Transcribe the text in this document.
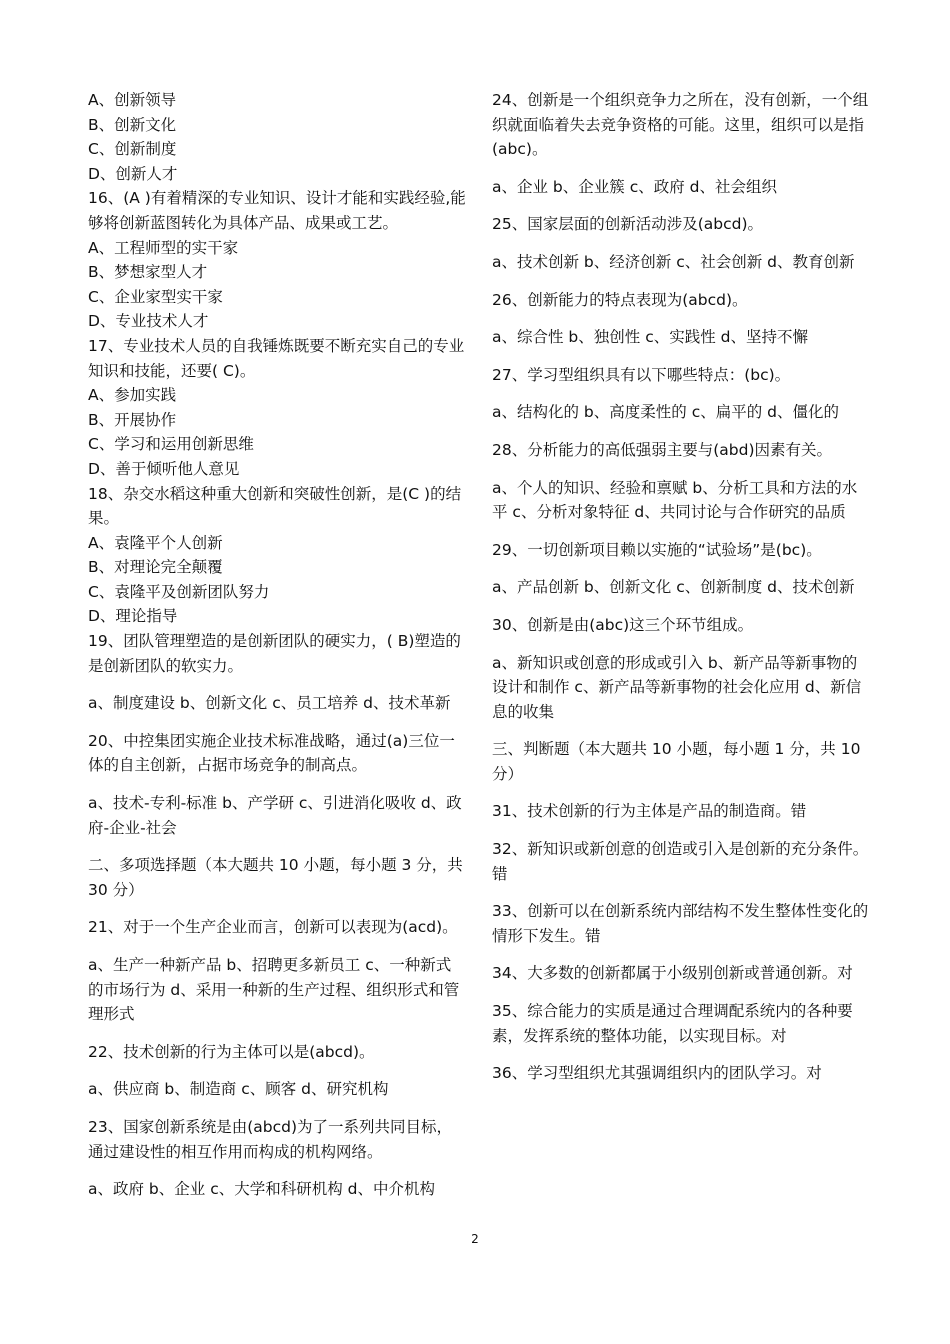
A、创新领导

B、创新文化

C、创新制度

D、创新人才

16、(A )有着精深的专业知识、设计才能和实践经验,能够将创新蓝图转化为具体产品、成果或工艺。

A、工程师型的实干家

B、梦想家型人才

C、企业家型实干家

D、专业技术人才

17、专业技术人员的自我锤炼既要不断充实自己的专业知识和技能，还要( C)。

A、参加实践

B、开展协作

C、学习和运用创新思维

D、善于倾听他人意见

18、杂交水稻这种重大创新和突破性创新，是(C )的结果。

A、袁隆平个人创新

B、对理论完全颠覆

C、袁隆平及创新团队努力

D、理论指导

19、团队管理塑造的是创新团队的硬实力，( B)塑造的是创新团队的软实力。

a、制度建设 b、创新文化 c、员工培养 d、技术革新

20、中控集团实施企业技术标准战略，通过(a)三位一体的自主创新，占据市场竞争的制高点。

a、技术-专利-标准 b、产学研 c、引进消化吸收 d、政府-企业-社会

二、多项选择题（本大题共 10 小题，每小题 3 分，共 30 分）

21、对于一个生产企业而言，创新可以表现为(acd)。

a、生产一种新产品 b、招聘更多新员工 c、一种新式的市场行为 d、采用一种新的生产过程、组织形式和管理形式

22、技术创新的行为主体可以是(abcd)。

a、供应商 b、制造商 c、顾客 d、研究机构

23、国家创新系统是由(abcd)为了一系列共同目标，通过建设性的相互作用而构成的机构网络。

a、政府 b、企业 c、大学和科研机构 d、中介机构

24、创新是一个组织竞争力之所在，没有创新，一个组织就面临着失去竞争资格的可能。这里，组织可以是指(abc)。

a、企业 b、企业簇 c、政府 d、社会组织

25、国家层面的创新活动涉及(abcd)。

a、技术创新 b、经济创新 c、社会创新 d、教育创新

26、创新能力的特点表现为(abcd)。

a、综合性 b、独创性 c、实践性 d、坚持不懈

27、学习型组织具有以下哪些特点：(bc)。

a、结构化的 b、高度柔性的 c、扁平的 d、僵化的

28、分析能力的高低强弱主要与(abd)因素有关。

a、个人的知识、经验和禀赋 b、分析工具和方法的水平 c、分析对象特征 d、共同讨论与合作研究的品质

29、一切创新项目赖以实施的“试验场”是(bc)。

a、产品创新 b、创新文化 c、创新制度 d、技术创新

30、创新是由(abc)这三个环节组成。

a、新知识或创意的形成或引入 b、新产品等新事物的设计和制作 c、新产品等新事物的社会化应用 d、新信息的收集

三、判断题（本大题共 10 小题，每小题 1 分，共 10 分）

31、技术创新的行为主体是产品的制造商。错

32、新知识或新创意的创造或引入是创新的充分条件。错

33、创新可以在创新系统内部结构不发生整体性变化的情形下发生。错

34、大多数的创新都属于小级别创新或普通创新。对

35、综合能力的实质是通过合理调配系统内的各种要素，发挥系统的整体功能，以实现目标。对

36、学习型组织尤其强调组织内的团队学习。对

2
